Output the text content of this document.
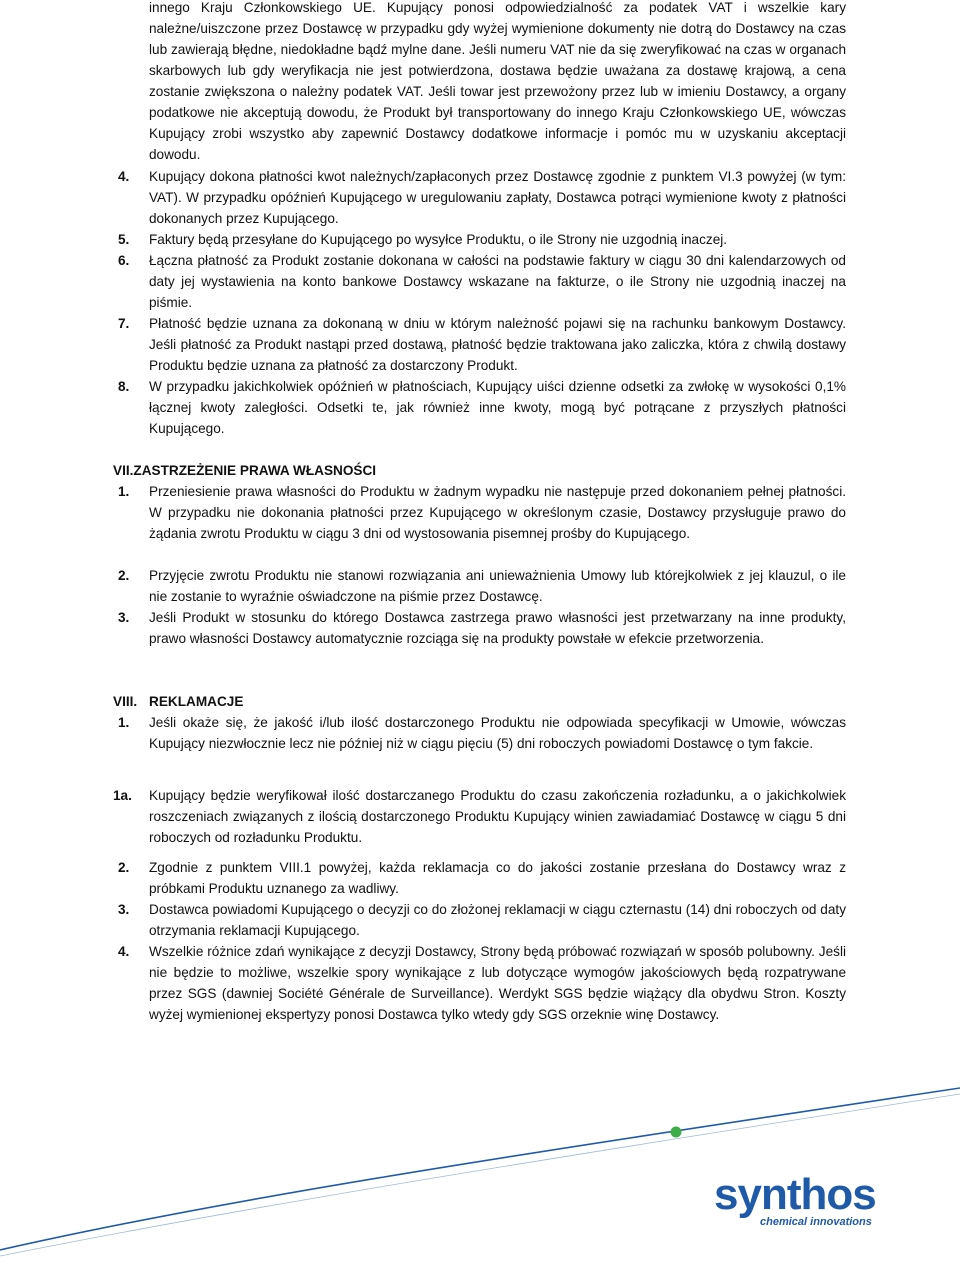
innego Kraju Członkowskiego UE. Kupujący ponosi odpowiedzialność za podatek VAT i wszelkie kary należne/uiszczone przez Dostawcę w przypadku gdy wyżej wymienione dokumenty nie dotrą do Dostawcy na czas lub zawierają błędne, niedokładne bądź mylne dane. Jeśli numeru VAT nie da się zweryfikować na czas w organach skarbowych lub gdy weryfikacja nie jest potwierdzona, dostawa będzie uważana za dostawę krajową, a cena zostanie zwiększona o należny podatek VAT. Jeśli towar jest przewożony przez lub w imieniu Dostawcy, a organy podatkowe nie akceptują dowodu, że Produkt był transportowany do innego Kraju Członkowskiego UE, wówczas Kupujący zrobi wszystko aby zapewnić Dostawcy dodatkowe informacje i pomóc mu w uzyskaniu akceptacji dowodu.
4. Kupujący dokona płatności kwot należnych/zapłaconych przez Dostawcę zgodnie z punktem VI.3 powyżej (w tym: VAT). W przypadku opóźnień Kupującego w uregulowaniu zapłaty, Dostawca potrąci wymienione kwoty z płatności dokonanych przez Kupującego.
5. Faktury będą przesyłane do Kupującego po wysyłce Produktu, o ile Strony nie uzgodnią inaczej.
6. Łączna płatność za Produkt zostanie dokonana w całości na podstawie faktury w ciągu 30 dni kalendarzowych od daty jej wystawienia na konto bankowe Dostawcy wskazane na fakturze, o ile Strony nie uzgodnią inaczej na piśmie.
7. Płatność będzie uznana za dokonaną w dniu w którym należność pojawi się na rachunku bankowym Dostawcy. Jeśli płatność za Produkt nastąpi przed dostawą, płatność będzie traktowana jako zaliczka, która z chwilą dostawy Produktu będzie uznana za płatność za dostarczony Produkt.
8. W przypadku jakichkolwiek opóźnień w płatnościach, Kupujący uiści dzienne odsetki za zwłokę w wysokości 0,1% łącznej kwoty zaległości. Odsetki te, jak również inne kwoty, mogą być potrącane z przyszłych płatności Kupującego.
VII.ZASTRZEŻENIE PRAWA WŁASNOŚCI
1. Przeniesienie prawa własności do Produktu w żadnym wypadku nie następuje przed dokonaniem pełnej płatności. W przypadku nie dokonania płatności przez Kupującego w określonym czasie, Dostawcy przysługuje prawo do żądania zwrotu Produktu w ciągu 3 dni od wystosowania pisemnej prośby do Kupującego.
2. Przyjęcie zwrotu Produktu nie stanowi rozwiązania ani unieważnienia Umowy lub którejkolwiek z jej klauzul, o ile nie zostanie to wyraźnie oświadczone na piśmie przez Dostawcę.
3. Jeśli Produkt w stosunku do którego Dostawca zastrzega prawo własności jest przetwarzany na inne produkty, prawo własności Dostawcy automatycznie rozciąga się na produkty powstałe w efekcie przetworzenia.
VIII. REKLAMACJE
1. Jeśli okaże się, że jakość i/lub ilość dostarczonego Produktu nie odpowiada specyfikacji w Umowie, wówczas Kupujący niezwłocznie lecz nie później niż w ciągu pięciu (5) dni roboczych powiadomi Dostawcę o tym fakcie.
1a. Kupujący będzie weryfikował ilość dostarczanego Produktu do czasu zakończenia rozładunku, a o jakichkolwiek roszczeniach związanych z ilością dostarczonego Produktu Kupujący winien zawiadamiać Dostawcę w ciągu 5 dni roboczych od rozładunku Produktu.
2. Zgodnie z punktem VIII.1 powyżej, każda reklamacja co do jakości zostanie przesłana do Dostawcy wraz z próbkami Produktu uznanego za wadliwy.
3. Dostawca powiadomi Kupującego o decyzji co do złożonej reklamacji w ciągu czternastu (14) dni roboczych od daty otrzymania reklamacji Kupującego.
4. Wszelkie różnice zdań wynikające z decyzji Dostawcy, Strony będą próbować rozwiązań w sposób polubowny. Jeśli nie będzie to możliwe, wszelkie spory wynikające z lub dotyczące wymogów jakościowych będą rozpatrywane przez SGS (dawniej Société Générale de Surveillance). Werdykt SGS będzie wiążący dla obydwu Stron. Koszty wyżej wymienionej ekspertyzy ponosi Dostawca tylko wtedy gdy SGS orzeknie winę Dostawcy.
synthos
chemical innovations
